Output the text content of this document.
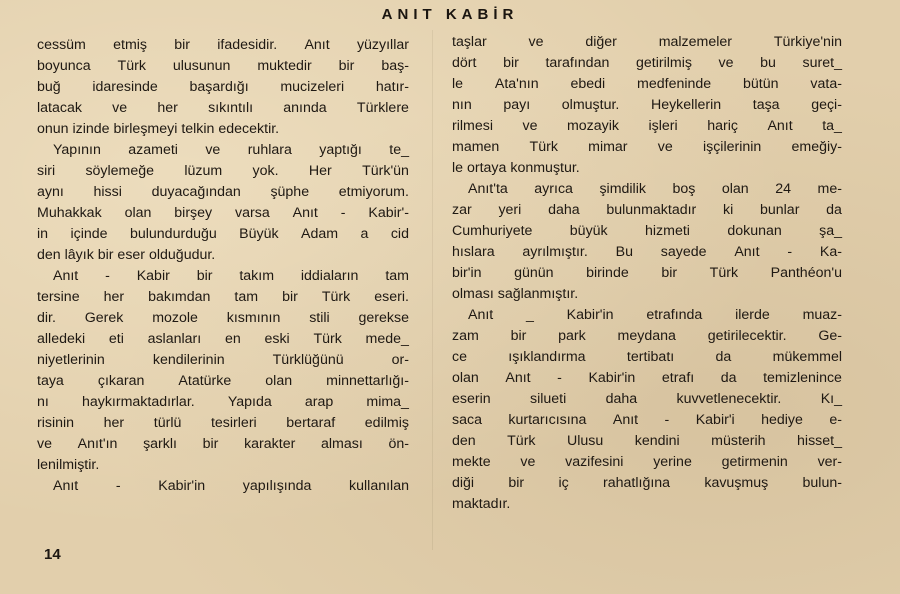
ANIT KABİR
cessüm etmiş bir ifadesidir. Anıt yüzyıllar
boyunca Türk ulusunun muktedir bir baş-
buğ idaresinde başardığı mucizeleri hatır-
latacak ve her sıkıntılı anında Türklere
onun izinde birleşmeyi telkin edecektir.
Yapının azameti ve ruhlara yaptığı te_
siri söylemeğe lüzum yok. Her Türk'ün
aynı hissi duyacağından şüphe etmiyorum.
Muhakkak olan birşey varsa Anıt - Kabir'-
in içinde bulundurduğu Büyük Adam a cid
den lâyık bir eser olduğudur.
Anıt - Kabir bir takım iddiaların tam
tersine her bakımdan tam bir Türk eseri.
dir. Gerek mozole kısmının stili gerekse
alledeki eti aslanları en eski Türk mede_
niyetlerinin	kendilerinin	Türklüğünü	or-
taya çıkaran Atatürke olan minnettarlığı-
nı haykırmaktadırlar. Yapıda arap mima_
risinin her türlü tesirleri bertaraf edilmiş
ve Anıt'ın şarklı bir karakter alması ön-
lenilmiştir.
Anıt	-	Kabir'in	yapılışında	kullanılan
taşlar	ve	diğer	malzemeler	Türkiye'nin
dört bir tarafından getirilmiş ve bu suret_
le Ata'nın ebedi medfeninde bütün vata-
nın payı olmuştur. Heykellerin taşa geçi-
rilmesi ve mozayik işleri hariç Anıt ta_
mamen Türk mimar ve işçilerinin emeğiy-
le ortaya konmuştur.
Anıt'ta ayrıca şimdilik boş olan 24 me-
zar yeri daha bulunmaktadır ki bunlar da
Cumhuriyete	büyük	hizmeti	dokunan	şa_
hıslara ayrılmıştır. Bu sayede Anıt - Ka-
bir'in günün birinde bir Türk Panthéon'u
olması sağlanmıştır.
Anıt _ Kabir'in etrafında ilerde muaz-
zam bir park meydana getirilecektir. Ge-
ce	ışıklandırma	tertibatı	da	mükemmel
olan Anıt - Kabir'in etrafı da temizlenince
eserin	silueti	daha	kuvvetlenecektir.	Kı_
saca kurtarıcısına Anıt - Kabir'i hediye e-
den Türk Ulusu kendini müsterih hisset_
mekte ve vazifesini yerine getirmenin ver-
diği bir iç rahatlığına kavuşmuş bulun-
maktadır.
14
